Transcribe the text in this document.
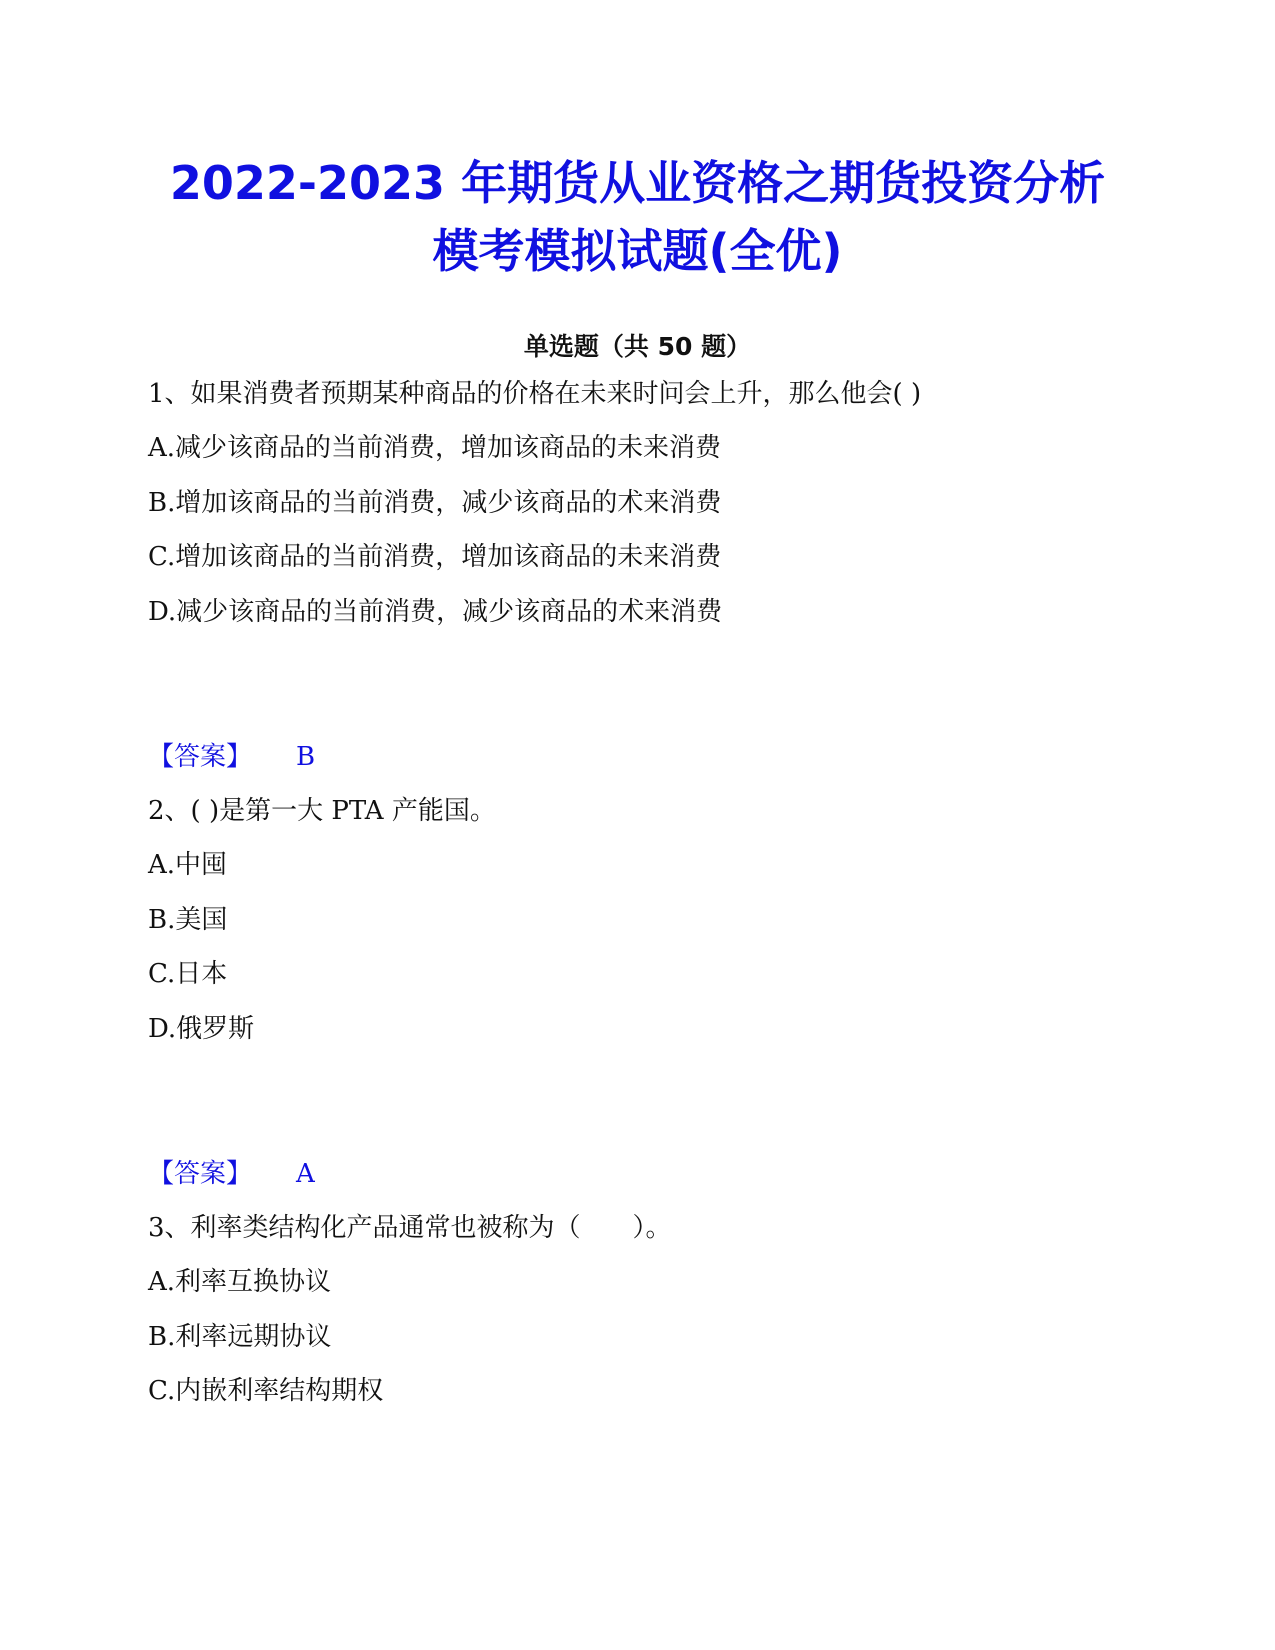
2022-2023 年期货从业资格之期货投资分析
模考模拟试题(全优)
单选题（共 50 题）
1、如果消费者预期某种商品的价格在未来时问会上升，那么他会( )
A.减少该商品的当前消费，增加该商品的未来消费
B.增加该商品的当前消费，减少该商品的术来消费
C.增加该商品的当前消费，增加该商品的未来消费
D.减少该商品的当前消费，减少该商品的术来消费
【答案】 B
2、( )是第一大 PTA 产能国。
A.中囤
B.美国
C.日本
D.俄罗斯
【答案】 A
3、利率类结构化产品通常也被称为（　　）。
A.利率互换协议
B.利率远期协议
C.内嵌利率结构期权
